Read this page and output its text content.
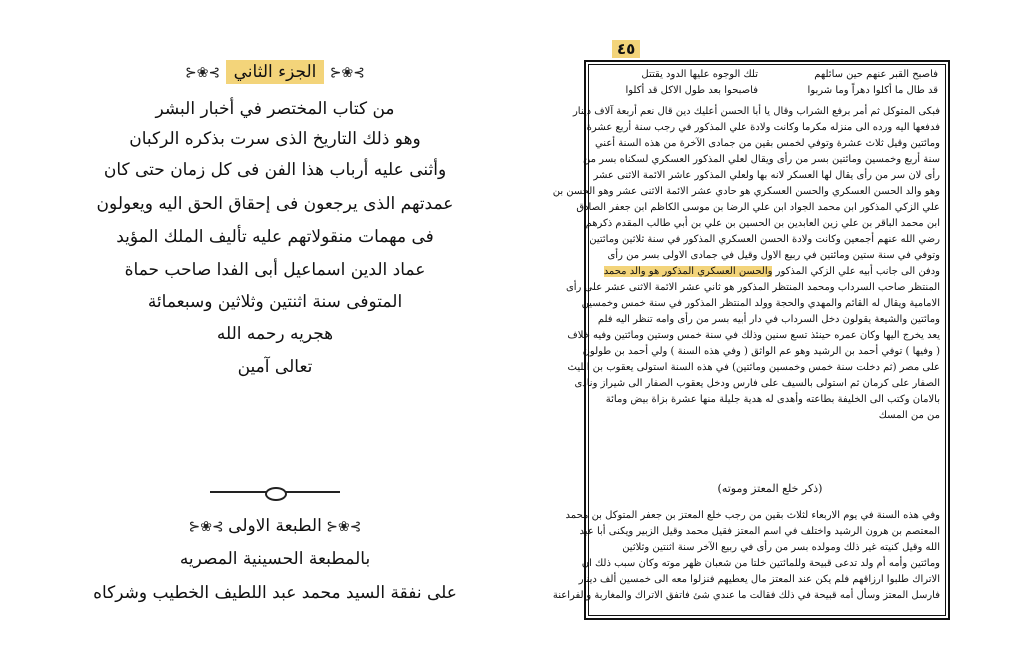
⊱❀⊰ الجزء الثاني ⊱❀⊰
من كتاب المختصر في أخبار البشر
وهو ذلك التاريخ الذى سرت بذكره الركبان
وأثنى عليه أرباب هذا الفن فى كل زمان حتى كان
عمدتهم الذى يرجعون فى إحقاق الحق اليه ويعولون
فى مهمات منقولاتهم عليه تأليف الملك المؤيد
عماد الدين اسماعيل أبى الفدا صاحب حماة
المتوفى سنة اثنتين وثلاثين وسبعمائة
هجريه رحمه الله
تعالى آمين
⊱❀⊰ الطبعة الاولى ⊱❀⊰
بالمطبعة الحسينية المصريه
على نفقة السيد محمد عبد اللطيف الخطيب وشركاه
٤٥
فاصبح القبر عنهم حين سائلهم
تلك الوجوه عليها الدود يقتتل
قد طال ما أكلوا دهراً وما شربوا
فاصبحوا بعد طول الاكل قد أكلوا
فبكى المتوكل ثم أمر برفع الشراب وقال يا أبا الحسن أعليك دين قال نعم أربعة آلاف دينار
فدفعها اليه ورده الى منزله مكرما وكانت ولادة علي المذكور في رجب سنة أربع عشرة
ومائتين وقيل ثلاث عشرة وتوفي لخمس بقين من جمادى الآخرة من هذه السنة أعني
سنة أربع وخمسين ومائتين بسر من رأى ويقال لعلي المذكور العسكري لسكناه بسر من
رأى لان سر من رأى يقال لها العسكر لانه بها ولعلي المذكور عاشر الائمة الاثنى عشر
وهو والد الحسن العسكري والحسن العسكري هو حادي عشر الائمة الاثنى عشر وهو الحسن بن
علي الزكي المذكور ابن محمد الجواد ابن علي الرضا بن موسى الكاظم ابن جعفر الصادق
ابن محمد الباقر بن علي زين العابدين بن الحسين بن علي بن أبي طالب المقدم ذكرهم
رضي الله عنهم أجمعين وكانت ولادة الحسن العسكري المذكور في سنة ثلاثين ومائتين
وتوفي في سنة ستين ومائتين في ربيع الاول وقيل في جمادى الاولى بسر من رأى
ودفن الى جانب أبيه علي الزكي المذكور والحسن العسكري المذكور هو والد محمد
المنتظر صاحب السرداب ومحمد المنتظر المذكور هو ثاني عشر الائمة الاثنى عشر على رأى
الامامية ويقال له القائم والمهدي والحجة وولد المنتظر المذكور في سنة خمس وخمسين
ومائتين والشيعة يقولون دخل السرداب في دار أبيه بسر من رأى وامه تنظر اليه فلم
يعد يخرج اليها وكان عمره حينئذ تسع سنين وذلك في سنة خمس وستين ومائتين وفيه خلاف
( وفيها ) توفي أحمد بن الرشيد وهو عم الواثق ( وفي هذه السنة ) ولي أحمد بن طولون
على مصر (ثم دخلت سنة خمس وخمسين ومائتين) في هذه السنة استولى يعقوب بن الليث
الصفار على كرمان ثم استولى بالسيف على فارس ودخل يعقوب الصفار الى شيراز ونادى
بالامان وكتب الى الخليفة بطاعته وأهدى له هدية جليلة منها عشرة بزاة بيض ومائة
من من المسك
(ذكر خلع المعتز وموته)
وفي هذه السنة في يوم الاربعاء لثلاث بقين من رجب خلع المعتز بن جعفر المتوكل بن محمد
المعتصم بن هرون الرشيد واختلف في اسم المعتز فقيل محمد وقيل الزبير ويكنى أبا عبد
الله وقيل كنيته غير ذلك ومولده بسر من رأى في ربيع الآخر سنة اثنتين وثلاثين
ومائتين وأمه أم ولد تدعى قبيحة وللمائتين خلتا من شعبان ظهر موته وكان سبب ذلك ان
الاتراك طلبوا ارزاقهم فلم يكن عند المعتز مال يعطيهم فنزلوا معه الى خمسين ألف دينار
فارسل المعتز وسأل أمه قبيحة في ذلك فقالت ما عندي شئ فاتفق الاتراك والمغاربة والفراعنة
